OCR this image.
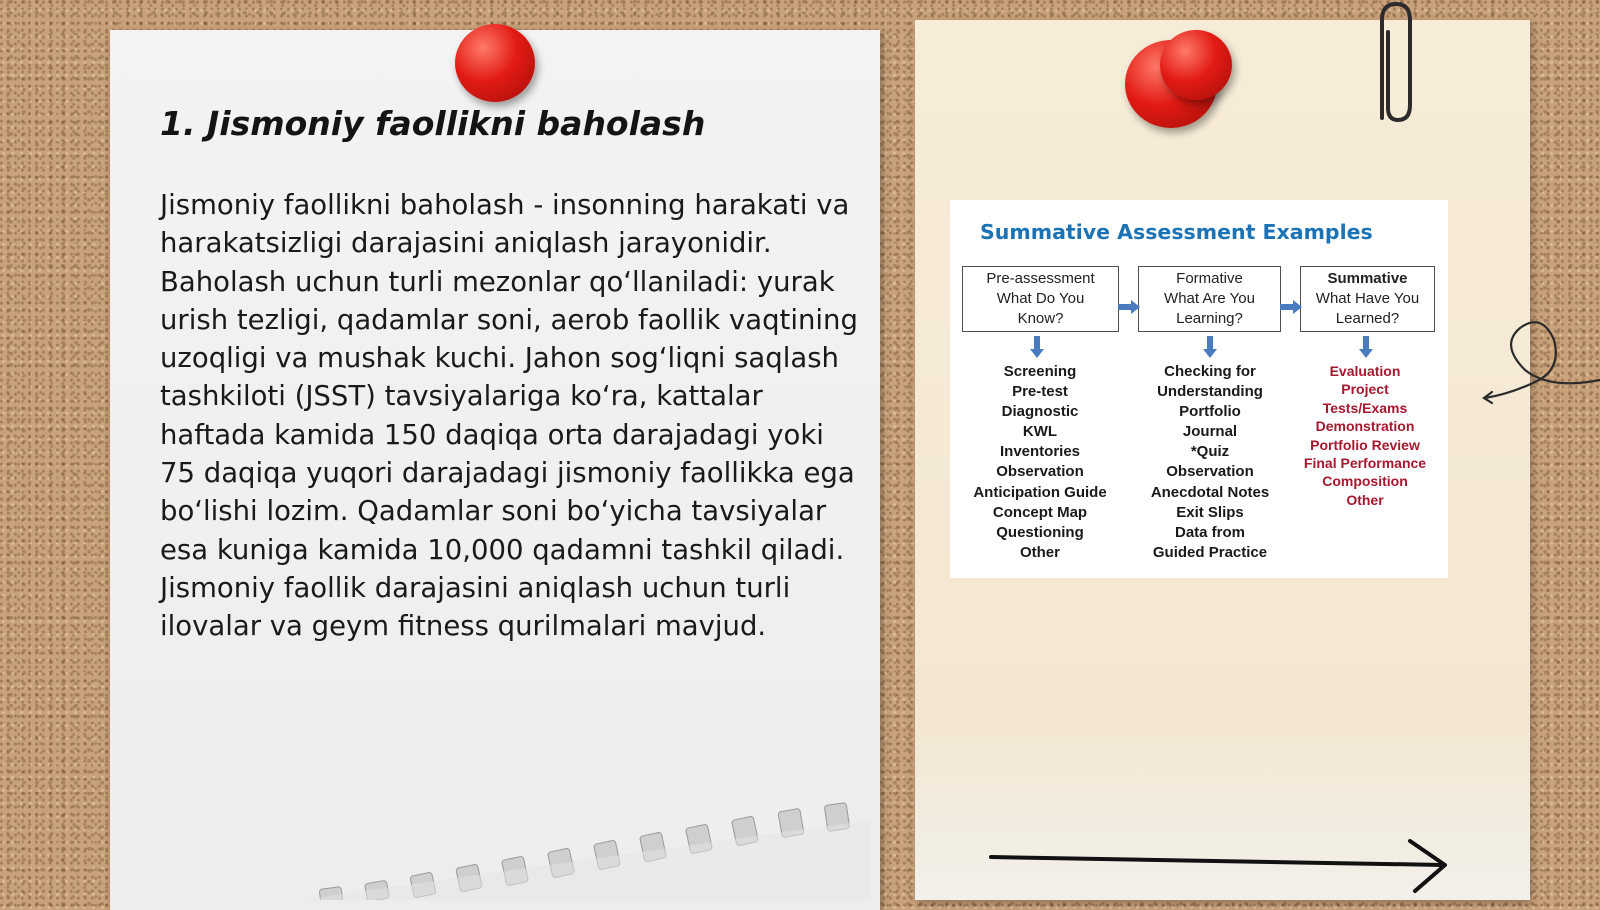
1. Jismoniy faollikni baholash

Jismoniy faollikni baholash - insonning harakati va harakatsizligi darajasini aniqlash jarayonidir. Baholash uchun turli mezonlar qo‘llaniladi: yurak urish tezligi, qadamlar soni, aerob faollik vaqtining uzoqligi va mushak kuchi. Jahon sog‘liqni saqlash tashkiloti (JSST) tavsiyalariga ko‘ra, kattalar haftada kamida 150 daqiqa orta darajadagi yoki 75 daqiqa yuqori darajadagi jismoniy faollikka ega bo‘lishi lozim. Qadamlar soni bo‘yicha tavsiyalar esa kuniga kamida 10,000 qadamni tashkil qiladi. Jismoniy faollik darajasini aniqlash uchun turli ilovalar va geym fitness qurilmalari mavjud.

Summative Assessment Examples
Pre-assessment
What Do You
Know?
Formative
What Are You
Learning?
Summative
What Have You
Learned?
Screening
Pre-test
Diagnostic
KWL
Inventories
Observation
Anticipation Guide
Concept Map
Questioning
Other
Checking for
Understanding
Portfolio
Journal
*Quiz
Observation
Anecdotal Notes
Exit Slips
Data from
Guided Practice
Evaluation
Project
Tests/Exams
Demonstration
Portfolio Review
Final Performance
Composition
Other
